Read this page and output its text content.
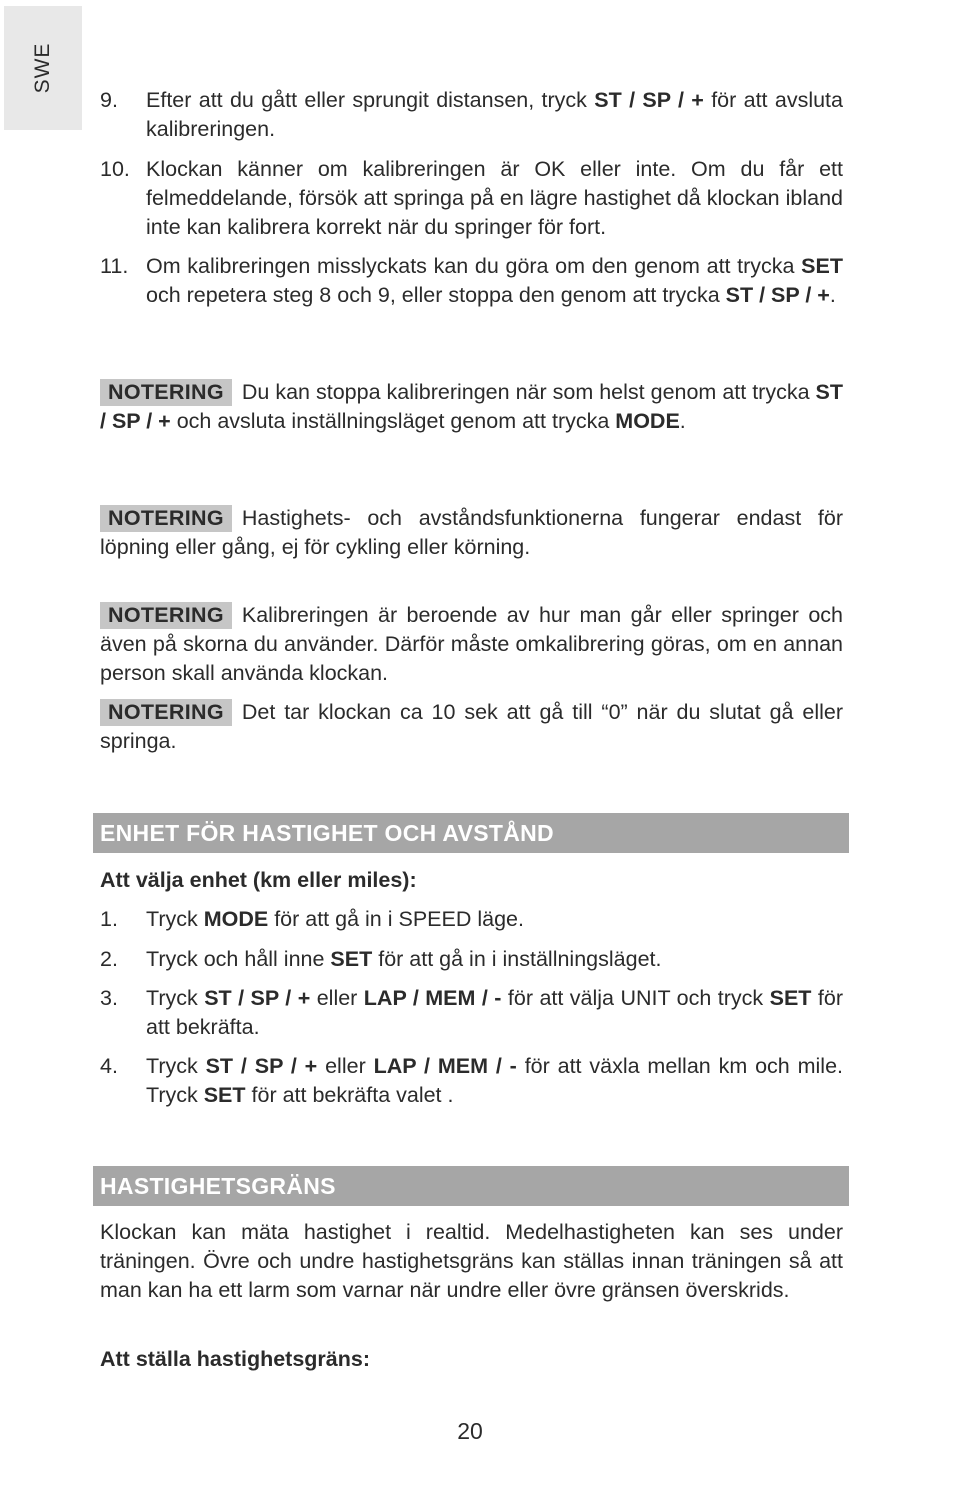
SWE
9. Efter att du gått eller sprungit distansen, tryck ST / SP / + för att avsluta kalibreringen.
10. Klockan känner om kalibreringen är OK eller inte. Om du får ett felmeddelande, försök att springa på en lägre hastighet då klockan ibland inte kan kalibrera korrekt när du springer för fort.
11. Om kalibreringen misslyckats kan du göra om den genom att trycka SET och repetera steg 8 och 9, eller stoppa den genom att trycka ST / SP / +.
NOTERING Du kan stoppa kalibreringen när som helst genom att trycka ST / SP / + och avsluta inställningsläget genom att trycka MODE.
NOTERING Hastighets- och avståndsfunktionerna fungerar endast för löpning eller gång, ej för cykling eller körning.
NOTERING Kalibreringen är beroende av hur man går eller springer och även på skorna du använder. Därför måste omkalibrering göras, om en annan person skall använda klockan.
NOTERING Det tar klockan ca 10 sek att gå till “0” när du slutat gå eller springa.
ENHET FÖR HASTIGHET OCH AVSTÅND
Att välja enhet (km eller miles):
1. Tryck MODE för att gå in i SPEED läge.
2. Tryck och håll inne SET för att gå in i inställningsläget.
3. Tryck ST / SP / + eller LAP / MEM / - för att välja UNIT och tryck SET för att bekräfta.
4. Tryck ST / SP / + eller LAP / MEM / - för att växla mellan km och mile. Tryck SET för att bekräfta valet .
HASTIGHETSGRÄNS
Klockan kan mäta hastighet i realtid. Medelhastigheten kan ses under träningen. Övre och undre hastighetsgräns kan ställas innan träningen så att man kan ha ett larm som varnar när undre eller övre gränsen överskrids.
Att ställa hastighetsgräns:
20
